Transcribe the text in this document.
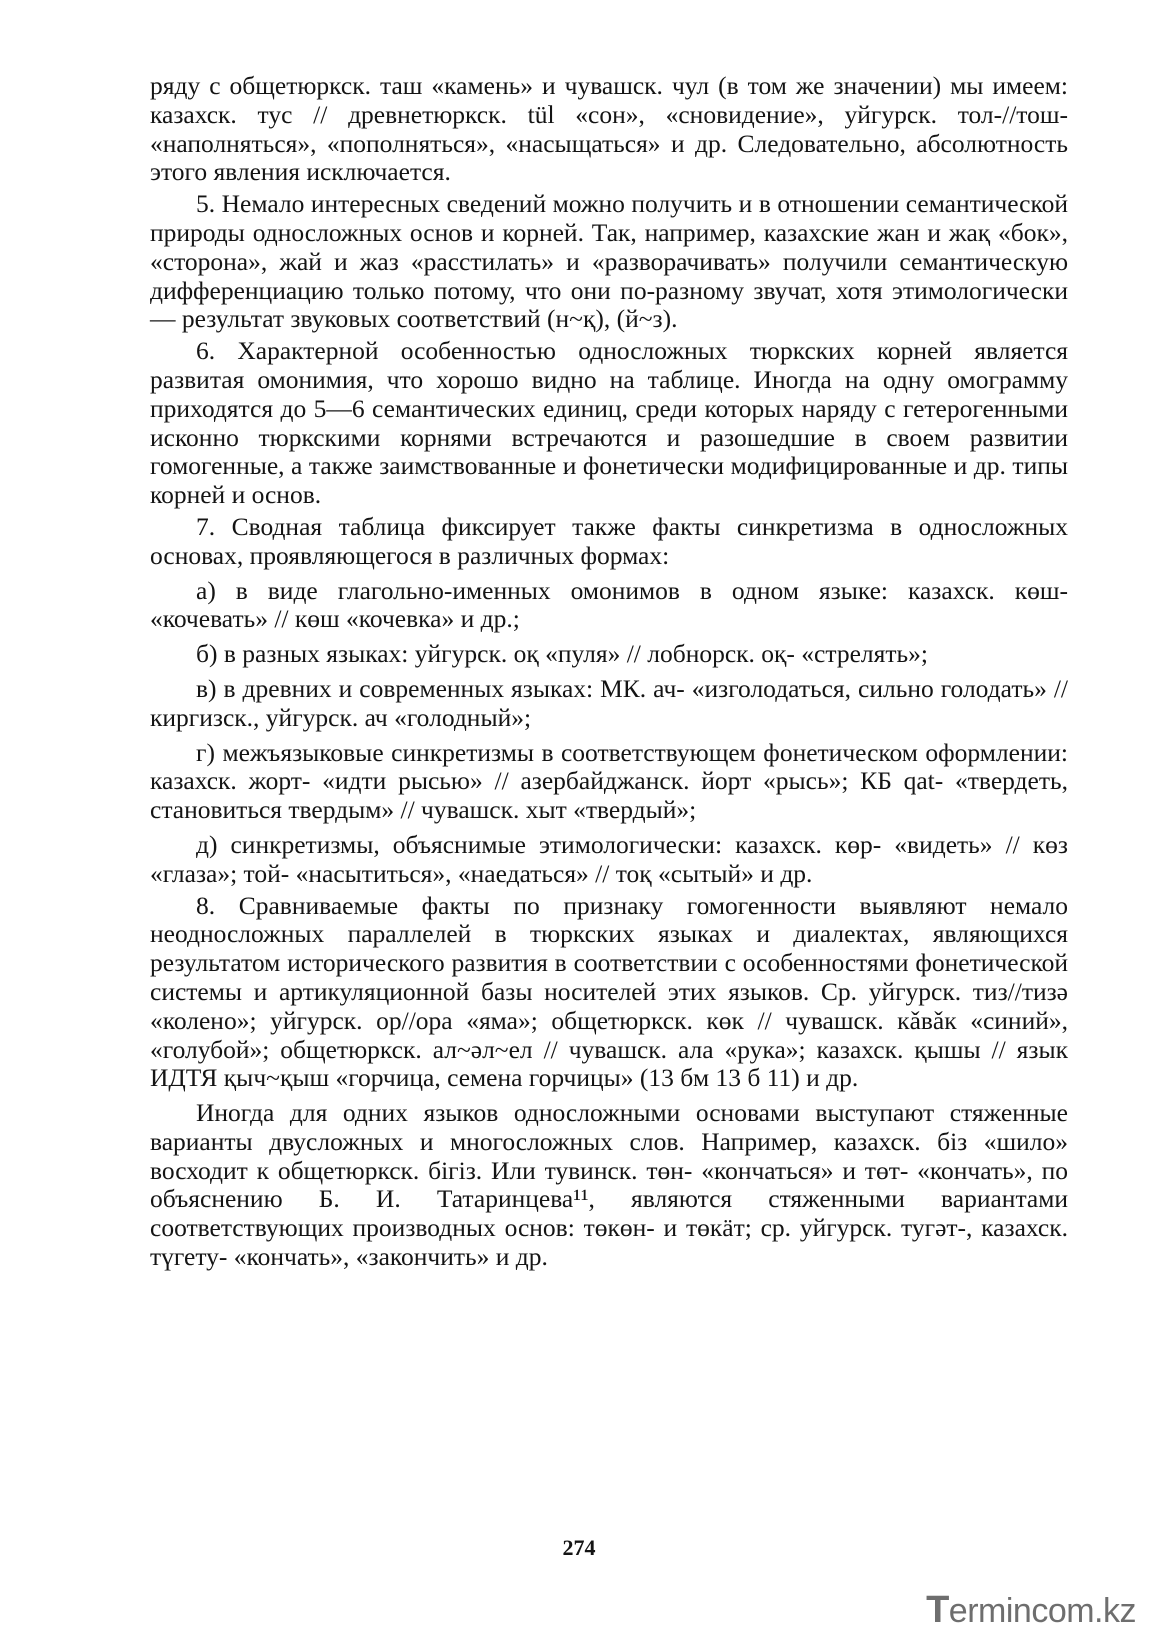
ряду с общетюркск. таш «камень» и чувашск. чул (в том же значении) мы имеем: казахск. тус // древнетюркск. tül «сон», «сновидение», уйгурск. тол-//тош- «наполняться», «пополняться», «насыщаться» и др. Следовательно, абсолютность этого явления исключается.

5. Немало интересных сведений можно получить и в отношении семантической природы односложных основ и корней. Так, например, казахские жан и жақ «бок», «сторона», жай и жаз «расстилать» и «разворачивать» получили семантическую дифференциацию только потому, что они по-разному звучат, хотя этимологически — результат звуковых соответствий (н~қ), (й~з).

6. Характерной особенностью односложных тюркских корней является развитая омонимия, что хорошо видно на таблице. Иногда на одну омограмму приходятся до 5—6 семантических единиц, среди которых наряду с гетерогенными исконно тюркскими корнями встречаются и разошедшие в своем развитии гомогенные, а также заимствованные и фонетически модифицированные и др. типы корней и основ.

7. Сводная таблица фиксирует также факты синкретизма в односложных основах, проявляющегося в различных формах:

а) в виде глагольно-именных омонимов в одном языке: казахск. көш- «кочевать» // көш «кочевка» и др.;

б) в разных языках: уйгурск. оқ «пуля» // лобнорск. оқ- «стрелять»;

в) в древних и современных языках: МК. ач- «изголодаться, сильно голодать» // киргизск., уйгурск. ач «голодный»;

г) межъязыковые синкретизмы в соответствующем фонетическом оформлении: казахск. жорт- «идти рысью» // азербайджанск. йорт «рысь»; КБ qat- «твердеть, становиться твердым» // чувашск. хыт «твердый»;

д) синкретизмы, объяснимые этимологически: казахск. көр- «видеть» // көз «глаза»; той- «насытиться», «наедаться» // тоқ «сытый» и др.

8. Сравниваемые факты по признаку гомогенности выявляют немало неодносложных параллелей в тюркских языках и диалектах, являющихся результатом исторического развития в соответствии с особенностями фонетической системы и артикуляционной базы носителей этих языков. Ср. уйгурск. тиз//тизә «колено»; уйгурск. ор//ора «яма»; общетюркск. көк // чувашск. кǎвǎк «синий», «голубой»; общетюркск. ал~әл~ел // чувашск. ала «рука»; казахск. қышы // язык ИДТЯ қыч~қыш «горчица, семена горчицы» (13 бм 13 б 11) и др.

Иногда для одних языков односложными основами выступают стяженные варианты двусложных и многосложных слов. Например, казахск. біз «шило» восходит к общетюркск. бігіз. Или тувинск. төн- «кончаться» и төт- «кончать», по объяснению Б. И. Татаринцева¹¹, являются стяженными вариантами соответствующих производных основ: төкөн- и төкäт; ср. уйгурск. тугәт-, казахск. түгету- «кончать», «закончить» и др.

274
Termincom.kz
